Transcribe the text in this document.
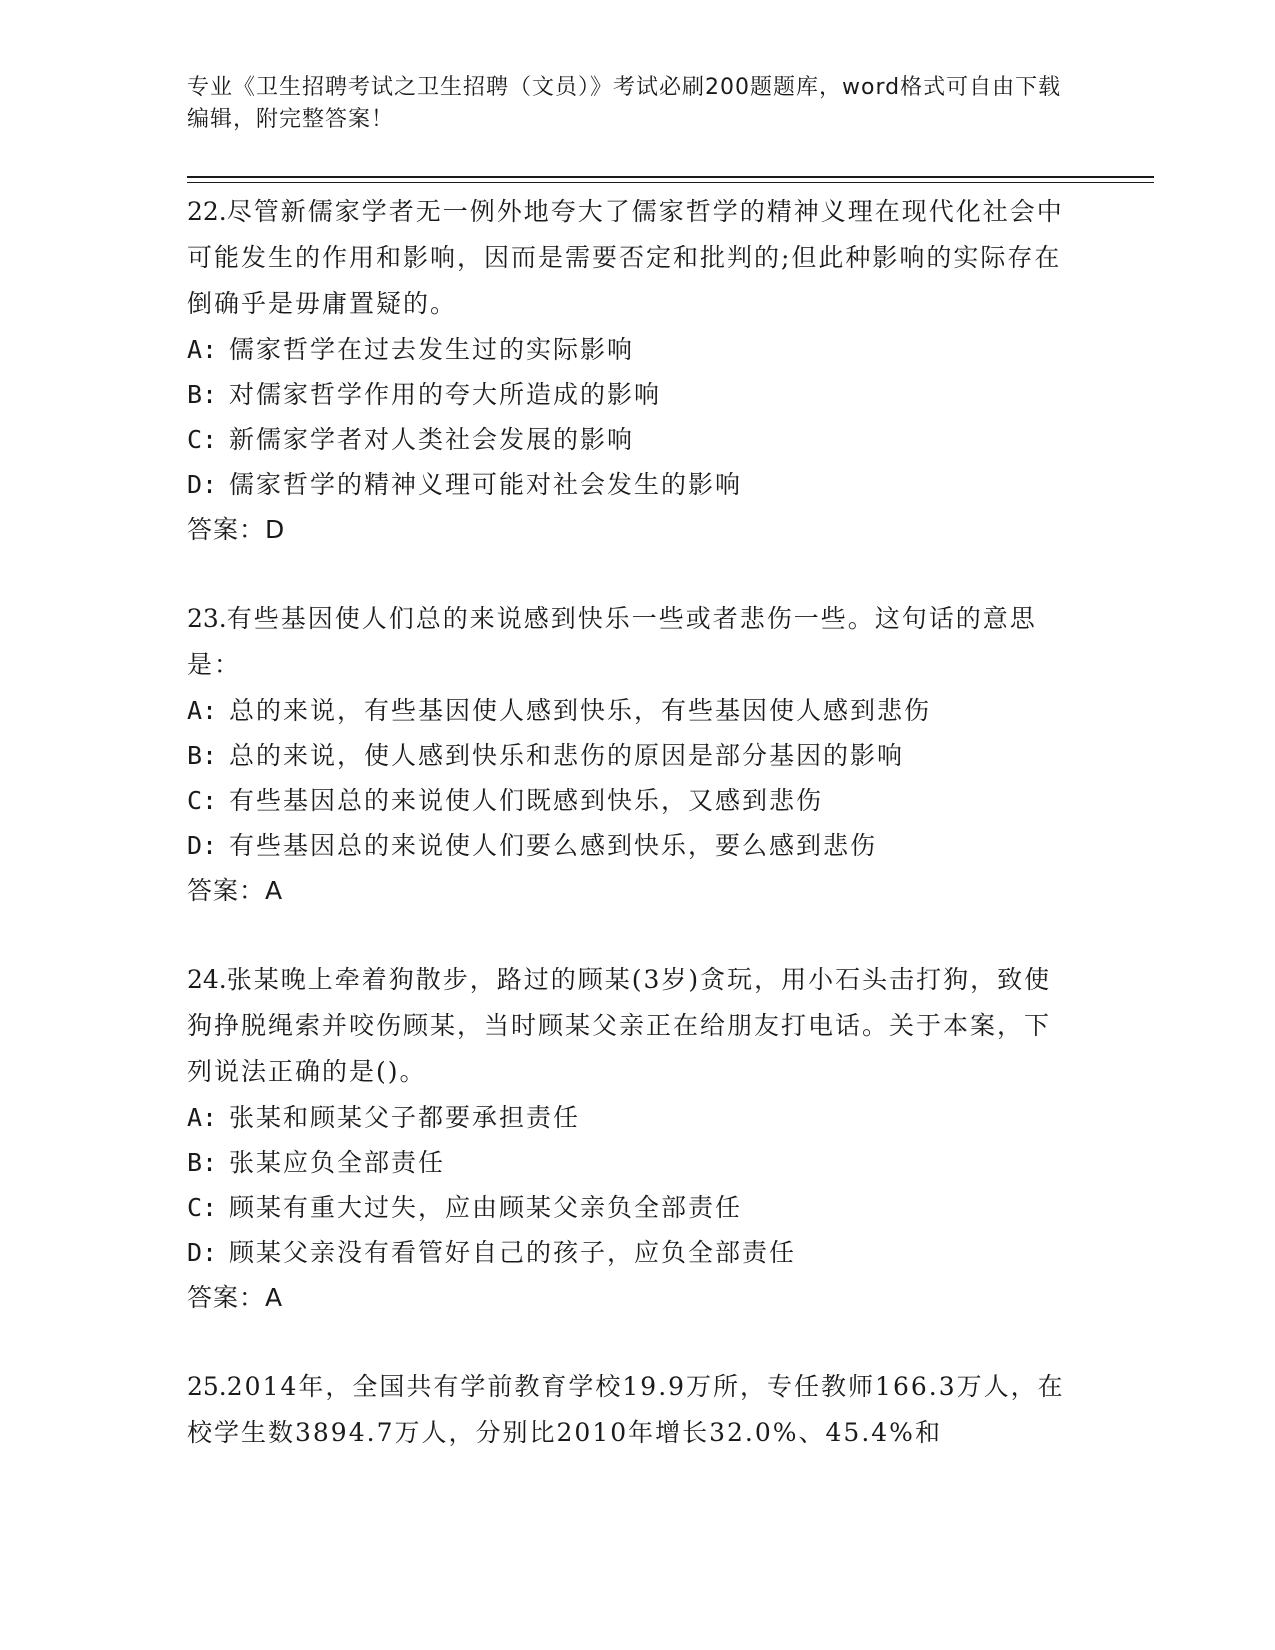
专业《卫生招聘考试之卫生招聘（文员）》考试必刷200题题库，word格式可自由下载编辑，附完整答案！

22.尽管新儒家学者无一例外地夸大了儒家哲学的精神义理在现代化社会中可能发生的作用和影响，因而是需要否定和批判的;但此种影响的实际存在倒确乎是毋庸置疑的。

A: 儒家哲学在过去发生过的实际影响

B: 对儒家哲学作用的夸大所造成的影响

C: 新儒家学者对人类社会发展的影响

D: 儒家哲学的精神义理可能对社会发生的影响

答案：D

23.有些基因使人们总的来说感到快乐一些或者悲伤一些。这句话的意思是：

A: 总的来说，有些基因使人感到快乐，有些基因使人感到悲伤

B: 总的来说，使人感到快乐和悲伤的原因是部分基因的影响

C: 有些基因总的来说使人们既感到快乐，又感到悲伤

D: 有些基因总的来说使人们要么感到快乐，要么感到悲伤

答案：A

24.张某晚上牵着狗散步，路过的顾某(3岁)贪玩，用小石头击打狗，致使狗挣脱绳索并咬伤顾某，当时顾某父亲正在给朋友打电话。关于本案，下列说法正确的是()。

A: 张某和顾某父子都要承担责任

B: 张某应负全部责任

C: 顾某有重大过失，应由顾某父亲负全部责任

D: 顾某父亲没有看管好自己的孩子，应负全部责任

答案：A

25.2014年，全国共有学前教育学校19.9万所，专任教师166.3万人，在校学生数3894.7万人，分别比2010年增长32.0%、45.4%和
